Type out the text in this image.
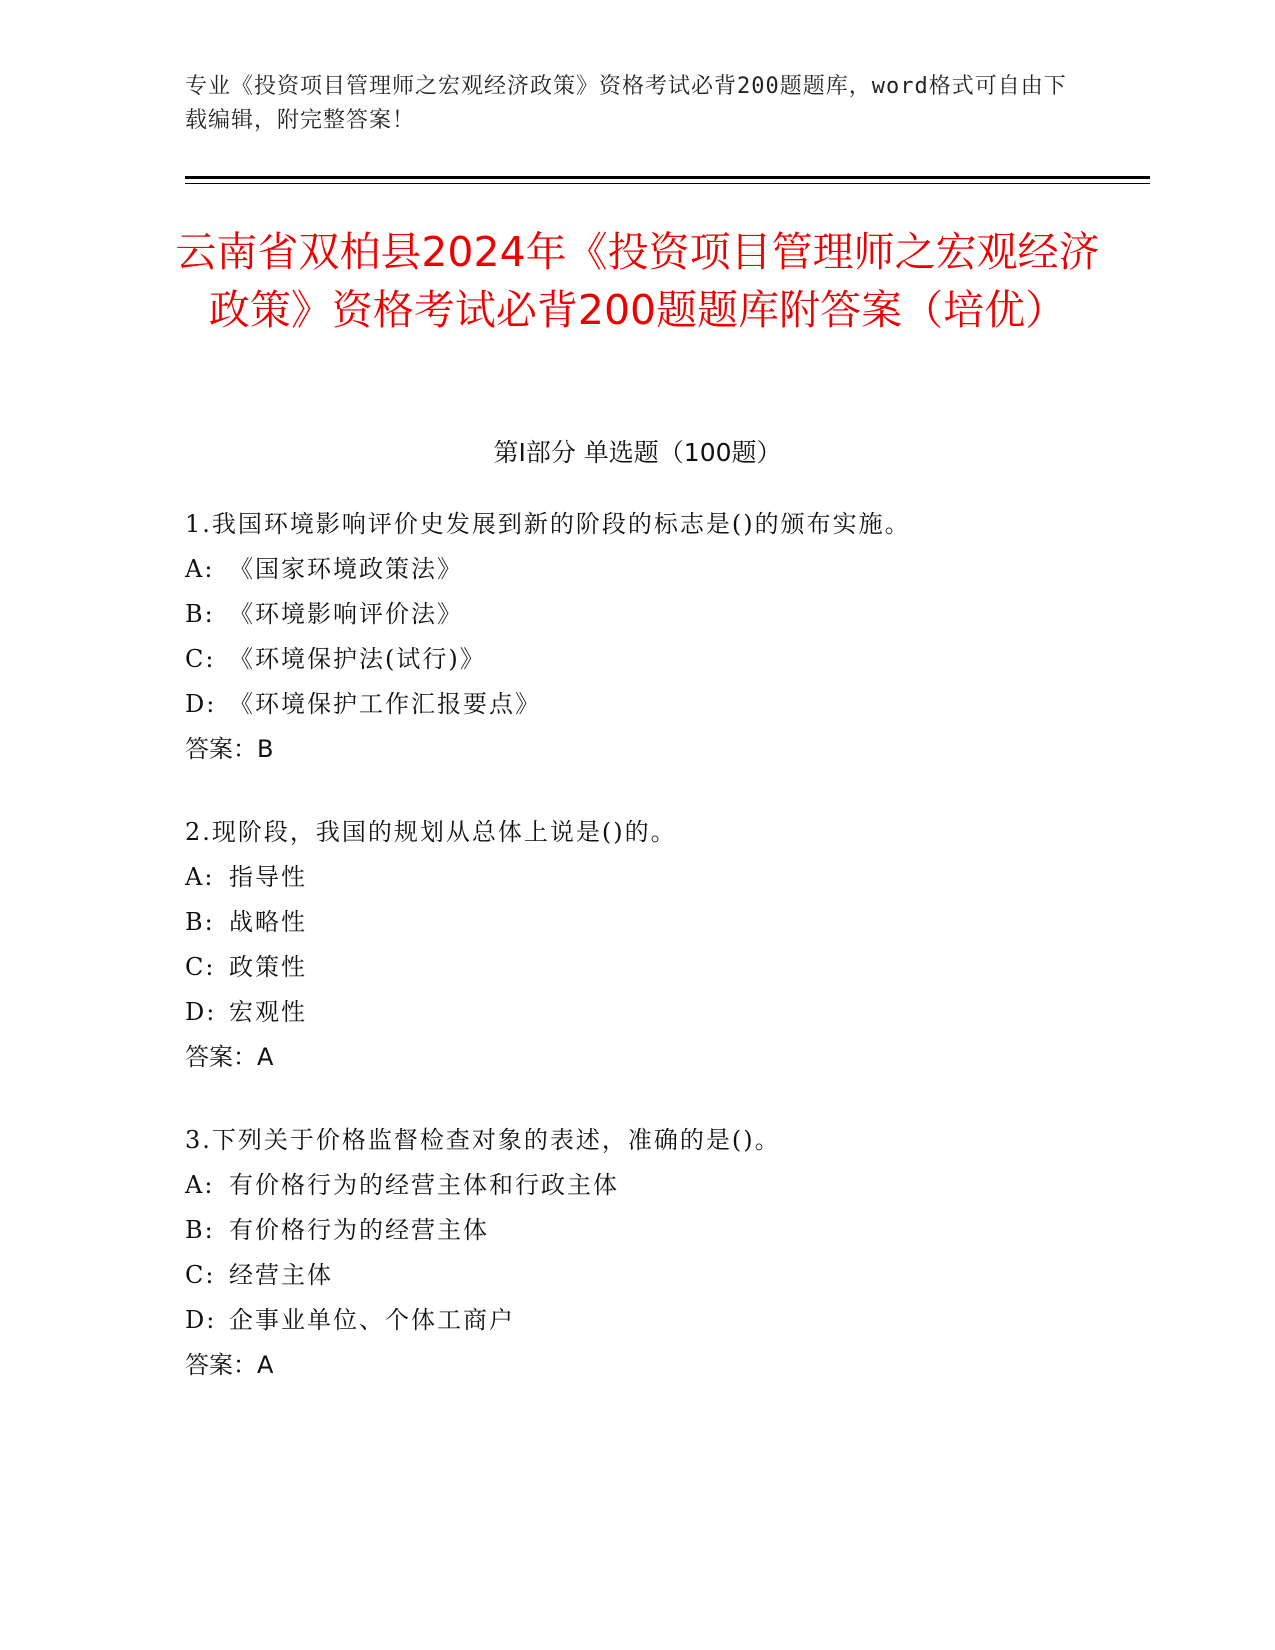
专业《投资项目管理师之宏观经济政策》资格考试必背200题题库，word格式可自由下载编辑，附完整答案！
云南省双柏县2024年《投资项目管理师之宏观经济政策》资格考试必背200题题库附答案（培优）
第I部分 单选题（100题）
1.我国环境影响评价史发展到新的阶段的标志是()的颁布实施。
A: 《国家环境政策法》
B: 《环境影响评价法》
C: 《环境保护法(试行)》
D: 《环境保护工作汇报要点》
答案：B
2.现阶段，我国的规划从总体上说是()的。
A: 指导性
B: 战略性
C: 政策性
D: 宏观性
答案：A
3.下列关于价格监督检查对象的表述，准确的是()。
A: 有价格行为的经营主体和行政主体
B: 有价格行为的经营主体
C: 经营主体
D: 企事业单位、个体工商户
答案：A
